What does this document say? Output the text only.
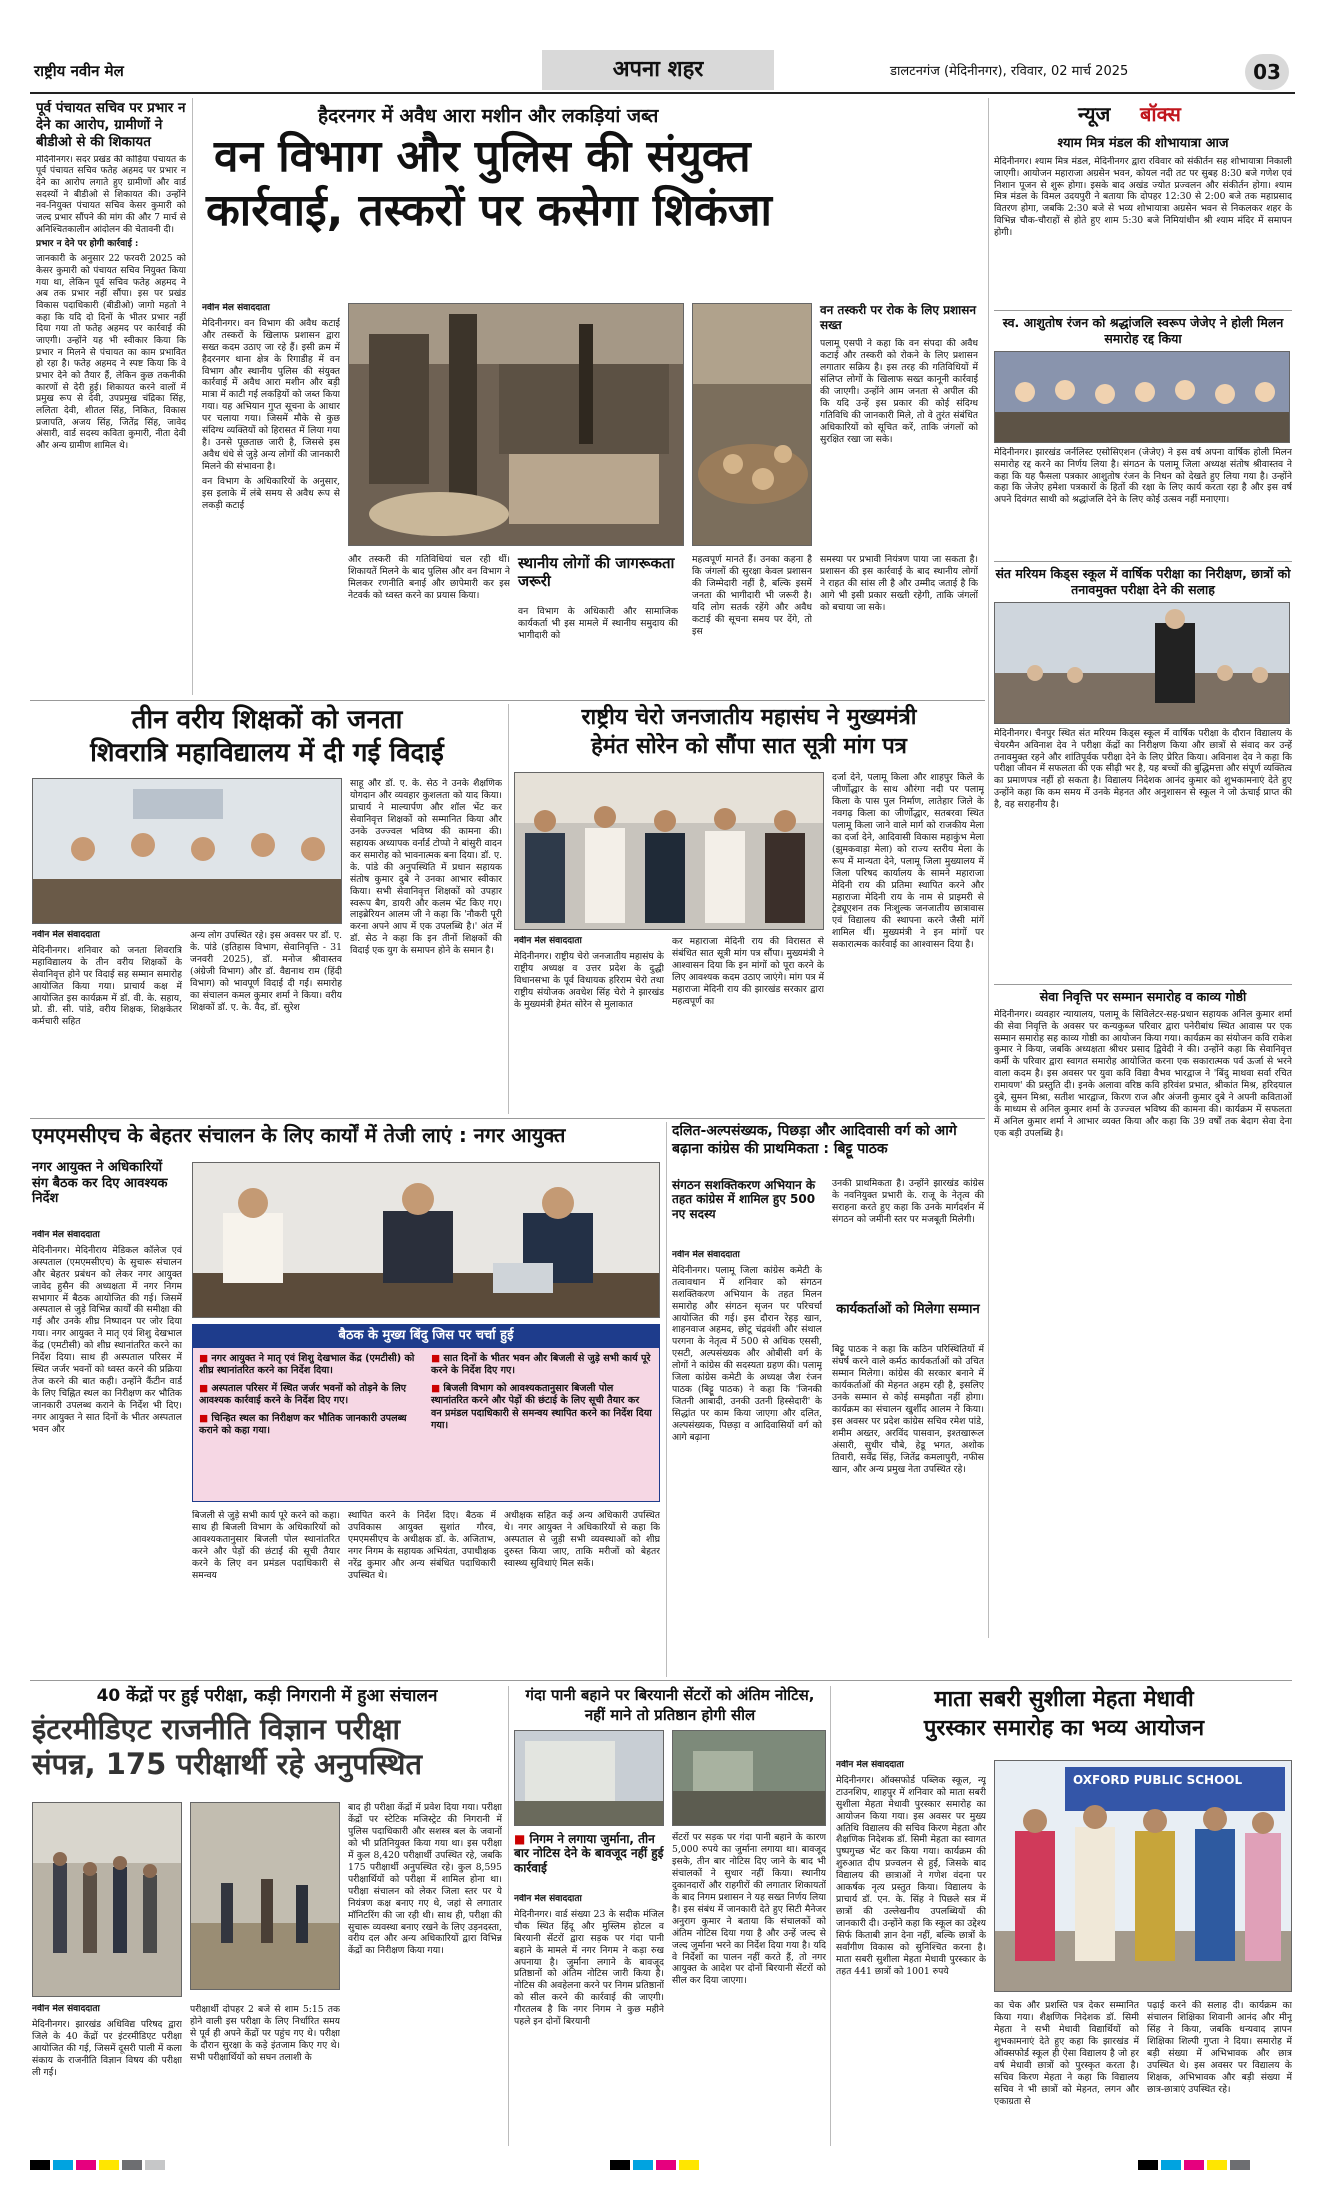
राष्ट्रीय नवीन मेल	अपना शहर	डालटनगंज (मेदिनीनगर), रविवार, 02 मार्च 2025	03
पूर्व पंचायत सचिव पर प्रभार न देने का आरोप, ग्रामीणों ने बीडीओ से की शिकायत

मेदिनीनगर। सदर प्रखंड की कोड़िया पंचायत के पूर्व पंचायत सचिव फतेह अहमद पर प्रभार न देने का आरोप लगाते हुए ग्रामीणों और वार्ड सदस्यों ने बीडीओ से शिकायत की। उन्होंने नव-नियुक्त पंचायत सचिव केसर कुमारी को जल्द प्रभार सौंपने की मांग की और 7 मार्च से अनिश्चितकालीन आंदोलन की चेतावनी दी।

प्रभार न देने पर होगी कार्रवाई :

जानकारी के अनुसार 22 फरवरी 2025 को केसर कुमारी को पंचायत सचिव नियुक्त किया गया था, लेकिन पूर्व सचिव फतेह अहमद ने अब तक प्रभार नहीं सौंपा। इस पर प्रखंड विकास पदाधिकारी (बीडीओ) जागो महतो ने कहा कि यदि दो दिनों के भीतर प्रभार नहीं दिया गया तो फतेह अहमद पर कार्रवाई की जाएगी। उन्होंने यह भी स्वीकार किया कि प्रभार न मिलने से पंचायत का काम प्रभावित हो रहा है। फतेह अहमद ने स्पष्ट किया कि वे प्रभार देने को तैयार हैं, लेकिन कुछ तकनीकी कारणों से देरी हुई। शिकायत करने वालों में प्रमुख रूप से देवी, उपप्रमुख चंद्रिका सिंह, ललिता देवी, शीतल सिंह, निकित, विकास प्रजापति, अजय सिंह, जितेंद्र सिंह, जावेद अंसारी, वार्ड सदस्य कविता कुमारी, नीता देवी और अन्य ग्रामीण शामिल थे।

हैदरनगर में अवैध आरा मशीन और लकड़ियां जब्त
वन विभाग और पुलिस की संयुक्त
कार्रवाई, तस्करों पर कसेगा शिकंजा

नवीन मेल संवाददाता

मेदिनीनगर। वन विभाग की अवैध कटाई और तस्करों के खिलाफ प्रशासन द्वारा सख्त कदम उठाए जा रहे हैं। इसी क्रम में हैदरनगर थाना क्षेत्र के रिगाडीह में वन विभाग और स्थानीय पुलिस की संयुक्त कार्रवाई में अवैध आरा मशीन और बड़ी मात्रा में काटी गई लकड़ियों को जब्त किया गया। यह अभियान गुप्त सूचना के आधार पर चलाया गया। जिसमें मौके से कुछ संदिग्ध व्यक्तियों को हिरासत में लिया गया है। उनसे पूछताछ जारी है, जिससे इस अवैध धंधे से जुड़े अन्य लोगों की जानकारी मिलने की संभावना है।

वन विभाग के अधिकारियों के अनुसार, इस इलाके में लंबे समय से अवैध रूप से लकड़ी कटाई

और तस्करी की गतिविधियां चल रही थीं। शिकायतें मिलने के बाद पुलिस और वन विभाग ने मिलकर रणनीति बनाई और छापेमारी कर इस नेटवर्क को ध्वस्त करने का प्रयास किया।
स्थानीय लोगों की जागरूकता जरूरी
वन विभाग के अधिकारी और सामाजिक कार्यकर्ता भी इस मामले में स्थानीय समुदाय की भागीदारी को
महत्वपूर्ण मानते हैं। उनका कहना है कि जंगलों की सुरक्षा केवल प्रशासन की जिम्मेदारी नहीं है, बल्कि इसमें जनता की भागीदारी भी जरूरी है। यदि लोग सतर्क रहेंगे और अवैध कटाई की सूचना समय पर देंगे, तो इस
वन तस्करी पर रोक के लिए प्रशासन सख्त
पलामू एसपी ने कहा कि वन संपदा की अवैध कटाई और तस्करी को रोकने के लिए प्रशासन लगातार सक्रिय है। इस तरह की गतिविधियों में संलिप्त लोगों के खिलाफ सख्त कानूनी कार्रवाई की जाएगी। उन्होंने आम जनता से अपील की कि यदि उन्हें इस प्रकार की कोई संदिग्ध गतिविधि की जानकारी मिले, तो वे तुरंत संबंधित अधिकारियों को सूचित करें, ताकि जंगलों को सुरक्षित रखा जा सके।
समस्या पर प्रभावी नियंत्रण पाया जा सकता है। प्रशासन की इस कार्रवाई के बाद स्थानीय लोगों ने राहत की सांस ली है और उम्मीद जताई है कि आगे भी इसी प्रकार सख्ती रहेगी, ताकि जंगलों को बचाया जा सके।
न्यूज बॉक्स
श्याम मित्र मंडल की शोभायात्रा आज
मेदिनीनगर। श्याम मित्र मंडल, मेदिनीनगर द्वारा रविवार को संकीर्तन सह शोभायात्रा निकाली जाएगी। आयोजन महाराजा अग्रसेन भवन, कोयल नदी तट पर सुबह 8:30 बजे गणेश एवं निशान पूजन से शुरू होगा। इसके बाद अखंड ज्योत प्रज्वलन और संकीर्तन होगा। श्याम मित्र मंडल के विमल उदयपुरी ने बताया कि दोपहर 12:30 से 2:00 बजे तक महाप्रसाद वितरण होगा, जबकि 2:30 बजे से भव्य शोभायात्रा अग्रसेन भवन से निकलकर शहर के विभिन्न चौक-चौराहों से होते हुए शाम 5:30 बजे निमियांधीन श्री श्याम मंदिर में समापन होगी।
स्व. आशुतोष रंजन को श्रद्धांजलि स्वरूप जेजेए ने होली मिलन समारोह रद्द किया
मेदिनीनगर। झारखंड जर्नलिस्ट एसोसिएशन (जेजेए) ने इस वर्ष अपना वार्षिक होली मिलन समारोह रद्द करने का निर्णय लिया है। संगठन के पलामू जिला अध्यक्ष संतोष श्रीवास्तव ने कहा कि यह फैसला पत्रकार आशुतोष रंजन के निधन को देखते हुए लिया गया है। उन्होंने कहा कि जेजेए हमेशा पत्रकारों के हितों की रक्षा के लिए कार्य करता रहा है और इस वर्ष अपने दिवंगत साथी को श्रद्धांजलि देने के लिए कोई उत्सव नहीं मनाएगा।
संत मरियम किड्स स्कूल में वार्षिक परीक्षा का निरीक्षण, छात्रों को तनावमुक्त परीक्षा देने की सलाह
मेदिनीनगर। चैनपुर स्थित संत मरियम किड्स स्कूल में वार्षिक परीक्षा के दौरान विद्यालय के चेयरमैन अविनाश देव ने परीक्षा केंद्रों का निरीक्षण किया और छात्रों से संवाद कर उन्हें तनावमुक्त रहने और शांतिपूर्वक परीक्षा देने के लिए प्रेरित किया। अविनाश देव ने कहा कि परीक्षा जीवन में सफलता की एक सीढ़ी भर है, यह बच्चों की बुद्धिमत्ता और संपूर्ण व्यक्तित्व का प्रमाणपत्र नहीं हो सकता है। विद्यालय निदेशक आनंद कुमार को शुभकामनाएं देते हुए उन्होंने कहा कि कम समय में उनके मेहनत और अनुशासन से स्कूल ने जो ऊंचाई प्राप्त की है, वह सराहनीय है।
सेवा निवृत्ति पर सम्मान समारोह व काव्य गोष्ठी
मेदिनीनगर। व्यवहार न्यायालय, पलामू के सिविलेटर-सह-प्रधान सहायक अनिल कुमार शर्मा की सेवा निवृत्ति के अवसर पर कन्यकुब्ज परिवार द्वारा पनेरीबांध स्थित आवास पर एक सम्मान समारोह सह काव्य गोष्ठी का आयोजन किया गया। कार्यक्रम का संयोजन कवि राकेश कुमार ने किया, जबकि अध्यक्षता श्रीधर प्रसाद द्विवेदी ने की। उन्होंने कहा कि सेवानिवृत्त कर्मी के परिवार द्वारा स्वागत समारोह आयोजित करना एक सकारात्मक पर्व ऊर्जा से भरने वाला कदम है। इस अवसर पर युवा कवि विद्या वैभव भारद्वाज ने 'बिंदु माथवा सर्वा रचित रामायण' की प्रस्तुति दी। इनके अलावा वरिष्ठ कवि हरिवंश प्रभात, श्रीकांत मिश्र, हरिदयाल दुबे, सुमन मिश्रा, सतीश भारद्वाज, किरण राज और अंजनी कुमार दुबे ने अपनी कविताओं के माध्यम से अनिल कुमार शर्मा के उज्ज्वल भविष्य की कामना की। कार्यक्रम में सफलता में अनिल कुमार शर्मा ने आभार व्यक्त किया और कहा कि 39 वर्षों तक बेदाग सेवा देना एक बड़ी उपलब्धि है।
तीन वरीय शिक्षकों को जनता
शिवरात्रि महाविद्यालय में दी गई विदाई

नवीन मेल संवाददाता

मेदिनीनगर। शनिवार को जनता शिवरात्रि महाविद्यालय के तीन वरीय शिक्षकों के सेवानिवृत्त होने पर विदाई सह सम्मान समारोह आयोजित किया गया। प्राचार्य कक्ष में आयोजित इस कार्यक्रम में डॉ. वी. के. सहाय, प्रो. डी. सी. पांडे, वरीय शिक्षक, शिक्षकेतर कर्मचारी सहित

अन्य लोग उपस्थित रहे। इस अवसर पर डॉ. ए. के. पांडे (इतिहास विभाग, सेवानिवृत्ति - 31 जनवरी 2025), डॉ. मनोज श्रीवास्तव (अंग्रेजी विभाग) और डॉ. वैद्यनाथ राम (हिंदी विभाग) को भावपूर्ण विदाई दी गई। समारोह का संचालन कमल कुमार शर्मा ने किया। वरीय शिक्षकों डॉ. ए. के. वैद, डॉ. सुरेश
साहू और डॉ. ए. के. सेठ ने उनके शैक्षणिक योगदान और व्यवहार कुशलता को याद किया। प्राचार्य ने माल्यार्पण और शॉल भेंट कर सेवानिवृत्त शिक्षकों को सम्मानित किया और उनके उज्ज्वल भविष्य की कामना की। सहायक अध्यापक वर्नार्ड टोप्पो ने बांसुरी वादन कर समारोह को भावनात्मक बना दिया। डॉ. ए. के. पांडे की अनुपस्थिति में प्रधान सहायक संतोष कुमार दुबे ने उनका आभार स्वीकार किया। सभी सेवानिवृत्त शिक्षकों को उपहार स्वरूप बैग, डायरी और कलम भेंट किए गए। लाइब्रेरियन आलम जी ने कहा कि 'नौकरी पूरी करना अपने आप में एक उपलब्धि है।' अंत में डॉ. सेठ ने कहा कि इन तीनों शिक्षकों की विदाई एक युग के समापन होने के समान है।
राष्ट्रीय चेरो जनजातीय महासंघ ने मुख्यमंत्री
हेमंत सोरेन को सौंपा सात सूत्री मांग पत्र

नवीन मेल संवाददाता

मेदिनीनगर। राष्ट्रीय चेरो जनजातीय महासंघ के राष्ट्रीय अध्यक्ष व उत्तर प्रदेश के दुद्धी विधानसभा के पूर्व विधायक हरिराम चेरो तथा राष्ट्रीय संयोजक अवधेश सिंह चेरो ने झारखंड के मुख्यमंत्री हेमंत सोरेन से मुलाकात

कर महाराजा मेदिनी राय की विरासत से संबंधित सात सूत्री मांग पत्र सौंपा। मुख्यमंत्री ने आश्वासन दिया कि इन मांगों को पूरा करने के लिए आवश्यक कदम उठाए जाएंगे। मांग पत्र में महाराजा मेदिनी राय की झारखंड सरकार द्वारा महत्वपूर्ण का
दर्जा देने, पलामू किला और शाहपुर किले के जीर्णोद्धार के साथ औरंगा नदी पर पलामू किला के पास पुल निर्माण, लातेहार जिले के नवगढ़ किला का जीर्णोद्धार, सतबरवा स्थित पलामू किला जाने वाले मार्ग को राजकीय मेला का दर्जा देने, आदिवासी विकास महाकुंभ मेला (झुमकवाड़ा मेला) को राज्य स्तरीय मेला के रूप में मान्यता देने, पलामू जिला मुख्यालय में जिला परिषद कार्यालय के सामने महाराजा मेदिनी राय की प्रतिमा स्थापित करने और महाराजा मेदिनी राय के नाम से प्राइमरी से ट्रेड्यूएशन तक निःशुल्क जनजातीय छात्रावास एवं विद्यालय की स्थापना करने जैसी मांगें शामिल थीं। मुख्यमंत्री ने इन मांगों पर सकारात्मक कार्रवाई का आश्वासन दिया है।
एमएमसीएच के बेहतर संचालन के लिए कार्यों में तेजी लाएं : नगर आयुक्त
नगर आयुक्त ने अधिकारियों संग बैठक कर दिए आवश्यक निर्देश

नवीन मेल संवाददाता

मेदिनीनगर। मेदिनीराय मेडिकल कॉलेज एवं अस्पताल (एमएमसीएच) के सुचारू संचालन और बेहतर प्रबंधन को लेकर नगर आयुक्त जावेद हुसैन की अध्यक्षता में नगर निगम सभागार में बैठक आयोजित की गई। जिसमें अस्पताल से जुड़े विभिन्न कार्यों की समीक्षा की गई और उनके शीघ्र निष्पादन पर जोर दिया गया। नगर आयुक्त ने मातृ एवं शिशु देखभाल केंद्र (एमटीसी) को शीघ्र स्थानांतरित करने का निर्देश दिया। साथ ही अस्पताल परिसर में स्थित जर्जर भवनों को ध्वस्त करने की प्रक्रिया तेज करने की बात कही। उन्होंने कैंटीन वार्ड के लिए चिह्नित स्थल का निरीक्षण कर भौतिक जानकारी उपलब्ध कराने के निर्देश भी दिए। नगर आयुक्त ने सात दिनों के भीतर अस्पताल भवन और

बैठक के मुख्य बिंदु जिस पर चर्चा हुई

■ नगर आयुक्त ने मातृ एवं शिशु देखभाल केंद्र (एमटीसी) को शीघ्र स्थानांतरित करने का निर्देश दिया।

■ अस्पताल परिसर में स्थित जर्जर भवनों को तोड़ने के लिए आवश्यक कार्रवाई करने के निर्देश दिए गए।

■ चिन्हित स्थल का निरीक्षण कर भौतिक जानकारी उपलब्ध कराने को कहा गया।

■ सात दिनों के भीतर भवन और बिजली से जुड़े सभी कार्य पूरे करने के निर्देश दिए गए।

■ बिजली विभाग को आवश्यकतानुसार बिजली पोल स्थानांतरित करने और पेड़ों की छंटाई के लिए सूची तैयार कर वन प्रमंडल पदाधिकारी से समन्वय स्थापित करने का निर्देश दिया गया।

बिजली से जुड़े सभी कार्य पूरे करने को कहा। साथ ही बिजली विभाग के अधिकारियों को आवश्यकतानुसार बिजली पोल स्थानांतरित करने और पेड़ों की छंटाई की सूची तैयार करने के लिए वन प्रमंडल पदाधिकारी से समन्वय
स्थापित करने के निर्देश दिए। बैठक में उपविकास आयुक्त सुशांत गौरव, एमएमसीएच के अधीक्षक डॉ. के. अजिताभ, नगर निगम के सहायक अभियंता, उपाधीक्षक नरेंद्र कुमार और अन्य संबंधित पदाधिकारी उपस्थित थे।
अधीक्षक सहित कई अन्य अधिकारी उपस्थित थे। नगर आयुक्त ने अधिकारियों से कहा कि अस्पताल से जुड़ी सभी व्यवस्थाओं को शीघ्र दुरुस्त किया जाए, ताकि मरीजों को बेहतर स्वास्थ्य सुविधाएं मिल सकें।
दलित-अल्पसंख्यक, पिछड़ा और आदिवासी वर्ग को आगे बढ़ाना कांग्रेस की प्राथमिकता : बिट्टू पाठक
संगठन सशक्तिकरण अभियान के तहत कांग्रेस में शामिल हुए 500 नए सदस्य

नवीन मेल संवाददाता

मेदिनीनगर। पलामू जिला कांग्रेस कमेटी के तत्वावधान में शनिवार को संगठन सशक्तिकरण अभियान के तहत मिलन समारोह और संगठन सृजन पर परिचर्चा आयोजित की गई। इस दौरान रेहड़ खान, शाहनवाज अहमद, छोटू चंद्रवंशी और संथाल परगना के नेतृत्व में 500 से अधिक एससी, एसटी, अल्पसंख्यक और ओबीसी वर्ग के लोगों ने कांग्रेस की सदस्यता ग्रहण की। पलामू जिला कांग्रेस कमेटी के अध्यक्ष जैश रंजन पाठक (बिट्टू पाठक) ने कहा कि 'जिनकी जितनी आबादी, उनकी उतनी हिस्सेदारी' के सिद्धांत पर काम किया जाएगा और दलित, अल्पसंख्यक, पिछड़ा व आदिवासियों वर्ग को आगे बढ़ाना

उनकी प्राथमिकता है। उन्होंने झारखंड कांग्रेस के नवनियुक्त प्रभारी के. राजू के नेतृत्व की सराहना करते हुए कहा कि उनके मार्गदर्शन में संगठन को जमीनी स्तर पर मजबूती मिलेगी।
कार्यकर्ताओं को मिलेगा सम्मान
बिट्टू पाठक ने कहा कि कठिन परिस्थितियों में संघर्ष करने वाले कर्मठ कार्यकर्ताओं को उचित सम्मान मिलेगा। कांग्रेस की सरकार बनाने में कार्यकर्ताओं की मेहनत अहम रही है, इसलिए उनके सम्मान से कोई समझौता नहीं होगा। कार्यक्रम का संचालन खुर्शीद आलम ने किया। इस अवसर पर प्रदेश कांग्रेस सचिव रमेश पांडे, शमीम अख्तर, अरविंद पासवान, इश्तखारूल अंसारी, सुधीर चौबे, हेडू भगत, अशोक तिवारी, सर्वेंद्र सिंह, जितेंद्र कमलापुरी, नफीस खान, और अन्य प्रमुख नेता उपस्थित रहे।
40 केंद्रों पर हुई परीक्षा, कड़ी निगरानी में हुआ संचालन
इंटरमीडिएट राजनीति विज्ञान परीक्षा
संपन्न, 175 परीक्षार्थी रहे अनुपस्थित

नवीन मेल संवाददाता

मेदिनीनगर। झारखंड अधिविद्य परिषद द्वारा जिले के 40 केंद्रों पर इंटरमीडिएट परीक्षा आयोजित की गई, जिसमें दूसरी पाली में कला संकाय के राजनीति विज्ञान विषय की परीक्षा ली गई।

परीक्षार्थी दोपहर 2 बजे से शाम 5:15 तक होने वाली इस परीक्षा के लिए निर्धारित समय से पूर्व ही अपने केंद्रों पर पहुंच गए थे। परीक्षा के दौरान सुरक्षा के कड़े इंतजाम किए गए थे। सभी परीक्षार्थियों को सघन तलाशी के
बाद ही परीक्षा केंद्रों में प्रवेश दिया गया। परीक्षा केंद्रों पर स्टेटिक मजिस्ट्रेट की निगरानी में पुलिस पदाधिकारी और सशस्त्र बल के जवानों को भी प्रतिनियुक्त किया गया था। इस परीक्षा में कुल 8,420 परीक्षार्थी उपस्थित रहे, जबकि 175 परीक्षार्थी अनुपस्थित रहे। कुल 8,595 परीक्षार्थियों को परीक्षा में शामिल होना था। परीक्षा संचालन को लेकर जिला स्तर पर ये नियंत्रण कक्ष बनाए गए थे, जहां से लगातार मॉनिटरिंग की जा रही थी। साथ ही, परीक्षा की सुचारू व्यवस्था बनाए रखने के लिए उड़नदस्ता, वरीय दल और अन्य अधिकारियों द्वारा विभिन्न केंद्रों का निरीक्षण किया गया।
गंदा पानी बहाने पर बिरयानी सेंटरों को अंतिम नोटिस, नहीं माने तो प्रतिष्ठान होगी सील
■ निगम ने लगाया जुर्माना, तीन बार नोटिस देने के बावजूद नहीं हुई कार्रवाई

नवीन मेल संवाददाता

मेदिनीनगर। वार्ड संख्या 23 के सदीक मंजिल चौक स्थित हिंदू और मुस्लिम होटल व बिरयानी सेंटरों द्वारा सड़क पर गंदा पानी बहाने के मामले में नगर निगम ने कड़ा रुख अपनाया है। जुर्माना लगाने के बावजूद प्रतिष्ठानों को अंतिम नोटिस जारी किया है। नोटिस की अवहेलना करने पर निगम प्रतिष्ठानों को सील करने की कार्रवाई की जाएगी। गौरतलब है कि नगर निगम ने कुछ महीने पहले इन दोनों बिरयानी

सेंटरों पर सड़क पर गंदा पानी बहाने के कारण 5,000 रुपये का जुर्माना लगाया था। बावजूद इसके, तीन बार नोटिस दिए जाने के बाद भी संचालकों ने सुधार नहीं किया। स्थानीय दुकानदारों और राहगीरों की लगातार शिकायतों के बाद निगम प्रशासन ने यह सख्त निर्णय लिया है। इस संबंध में जानकारी देते हुए सिटी मैनेजर अनुराग कुमार ने बताया कि संचालकों को अंतिम नोटिस दिया गया है और उन्हें जल्द से जल्द जुर्माना भरने का निर्देश दिया गया है। यदि वे निर्देशों का पालन नहीं करते हैं, तो नगर आयुक्त के आदेश पर दोनों बिरयानी सेंटरों को सील कर दिया जाएगा।
माता सबरी सुशीला मेहता मेधावी
पुरस्कार समारोह का भव्य आयोजन

नवीन मेल संवाददाता

मेदिनीनगर। ऑक्सफोर्ड पब्लिक स्कूल, न्यू टाउनशिप, शाहपुर में शनिवार को माता सबरी सुशीला मेहता मेधावी पुरस्कार समारोह का आयोजन किया गया। इस अवसर पर मुख्य अतिथि विद्यालय की सचिव किरण मेहता और शैक्षणिक निदेशक डॉ. सिमी मेहता का स्वागत पुष्पगुच्छ भेंट कर किया गया। कार्यक्रम की शुरुआत दीप प्रज्वलन से हुई, जिसके बाद विद्यालय की छात्राओं ने गणेश वंदना पर आकर्षक नृत्य प्रस्तुत किया। विद्यालय के प्राचार्य डॉ. एन. के. सिंह ने पिछले सत्र में छात्रों की उल्लेखनीय उपलब्धियों की जानकारी दी। उन्होंने कहा कि स्कूल का उद्देश्य सिर्फ किताबी ज्ञान देना नहीं, बल्कि छात्रों के सर्वांगीण विकास को सुनिश्चित करना है। माता सबरी सुशीला मेहता मेधावी पुरस्कार के तहत 441 छात्रों को 1001 रुपये

OXFORD PUBLIC SCHOOL
का चेक और प्रशस्ति पत्र देकर सम्मानित किया गया। शैक्षणिक निदेशक डॉ. सिमी मेहता ने सभी मेधावी विद्यार्थियों को शुभकामनाएं देते हुए कहा कि झारखंड में ऑक्सफोर्ड स्कूल ही ऐसा विद्यालय है जो हर वर्ष मेधावी छात्रों को पुरस्कृत करता है। सचिव किरण मेहता ने कहा कि विद्यालय सचिव ने भी छात्रों को मेहनत, लगन और एकाग्रता से
पढ़ाई करने की सलाह दी। कार्यक्रम का संचालन शिक्षिका शिवानी आनंद और मीनू सिंह ने किया, जबकि धन्यवाद ज्ञापन शिक्षिका शिल्पी गुप्ता ने दिया। समारोह में बड़ी संख्या में अभिभावक और छात्र उपस्थित थे। इस अवसर पर विद्यालय के शिक्षक, अभिभावक और बड़ी संख्या में छात्र-छात्राएं उपस्थित रहे।
